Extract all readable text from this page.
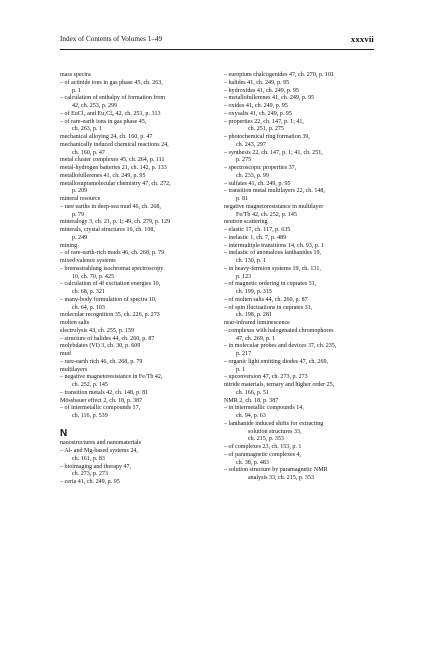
Index of Contents of Volumes 1–49	xxxvii
mass spectra
– of actinide ions in gas phase 45, ch. 263,
p. 1
– calculation of enthalpy of formation from
42, ch. 253, p. 299
– of EuCl₂ and Eu₂Cl₆ 42, ch. 253, p. 313
– of rare-earth ions in gas phase 45,
ch. 263, p. 1
mechanical alloying 24, ch. 160, p. 47
mechanically induced chemical reactions 24,
ch. 160, p. 47
metal cluster complexes 45, ch. 264, p. 111
metal-hydrogen batteries 21, ch. 142, p. 133
metallofullerenes 41, ch. 249, p. 95
metallosupramolecular chemistry 47, ch. 272,
p. 209
mineral resource
– rare earths in deep-sea mud 46, ch. 268,
p. 79
mineralogy 3, ch. 21, p. 1; 49, ch. 279, p. 129
minerals, crystal structures 16, ch. 108,
p. 249
mining
– of rare-earth-rich muds 46, ch. 268, p. 79
mixed valence systems
– bremsstrahlung isochromat spectroscopy
10, ch. 70, p. 425
– calculation of 4f excitation energies 10,
ch. 68, p. 321
– many-body formulation of spectra 10,
ch. 64, p. 103
molecular recognition 35, ch. 226, p. 273
molten salts
electrolysis 43, ch. 255, p. 159
– structure of halides 44, ch. 260, p. 87
molybdates (VI) 3, ch. 30, p. 609
mud
– rare-earth rich 46, ch. 268, p. 79
multilayers
– negative magnetoresistance in Fe/Tb 42,
ch. 252, p. 145
– transition metals 42, ch. 148, p. 81
Mössbauer effect 2, ch. 18, p. 387
– of intermetallic compounds 17,
ch. 116, p. 539
N
nanostructures and nanomaterials
– Al- and Mg-based systems 24,
ch. 161, p. 83
– bioimaging and therapy 47,
ch. 273, p. 273
– ceria 41, ch. 249, p. 95
– europium chalcogenides 47, ch. 270, p. 101
– halides 41, ch. 249, p. 95
– hydroxides 41, ch. 249, p. 95
– metallofullerenes 41, ch. 249, p. 95
– oxides 41, ch. 249, p. 95
– oxysalts 41, ch. 249, p. 95
– properties 22, ch. 147, p. 1; 41,
ch. 251, p. 275
– photochemical ring formation 39,
ch. 243, 297
– synthesis 22, ch. 147, p. 1; 41, ch. 251,
p. 275
– spectroscopic properties 37,
ch. 233, p. 99
– sulfates 41, ch. 249, p. 95
– transition metal multilayers 22, ch. 148,
p. 81
negative magnetoresistance in multilayer
Fe/Tb 42, ch. 252, p. 145
neutron scattering
– elastic 17, ch. 117, p. 635
– inelastic 1, ch. 7, p. 489
– intermultiple transitions 14, ch. 93, p. 1
– inelastic of anomalous lanthanides 19,
ch. 130, p. 1
– in heavy-fermion systems 19, ch. 131,
p. 123
– of magnetic ordering in cuprates 31,
ch. 199, p. 315
– of molten salts 44, ch. 260, p. 87
– of spin fluctuations in cuprates 31,
ch. 198, p. 281
near-infrared luminescence
– complexes with halogenated chromophores
47, ch. 269, p. 1
– in molecular probes and devices 37, ch. 235,
p. 217
– organic light emitting diodes 47, ch. 269,
p. 1
– upconversion 47, ch. 273, p. 273
nitride materials, ternary and higher order 25,
ch. 166, p. 51
NMR 2, ch. 18, p. 387
– in intermetallic compounds 14,
ch. 94, p. 63
– lanthanide induced shifts for extracting
solution structures 33,
ch. 215, p. 353
– of complexes 23, ch. 153, p. 1
– of paramagnetic complexes 4,
ch. 38, p. 483
– solution structure by paramagnetic NMR
analysis 33, ch. 215, p. 353
